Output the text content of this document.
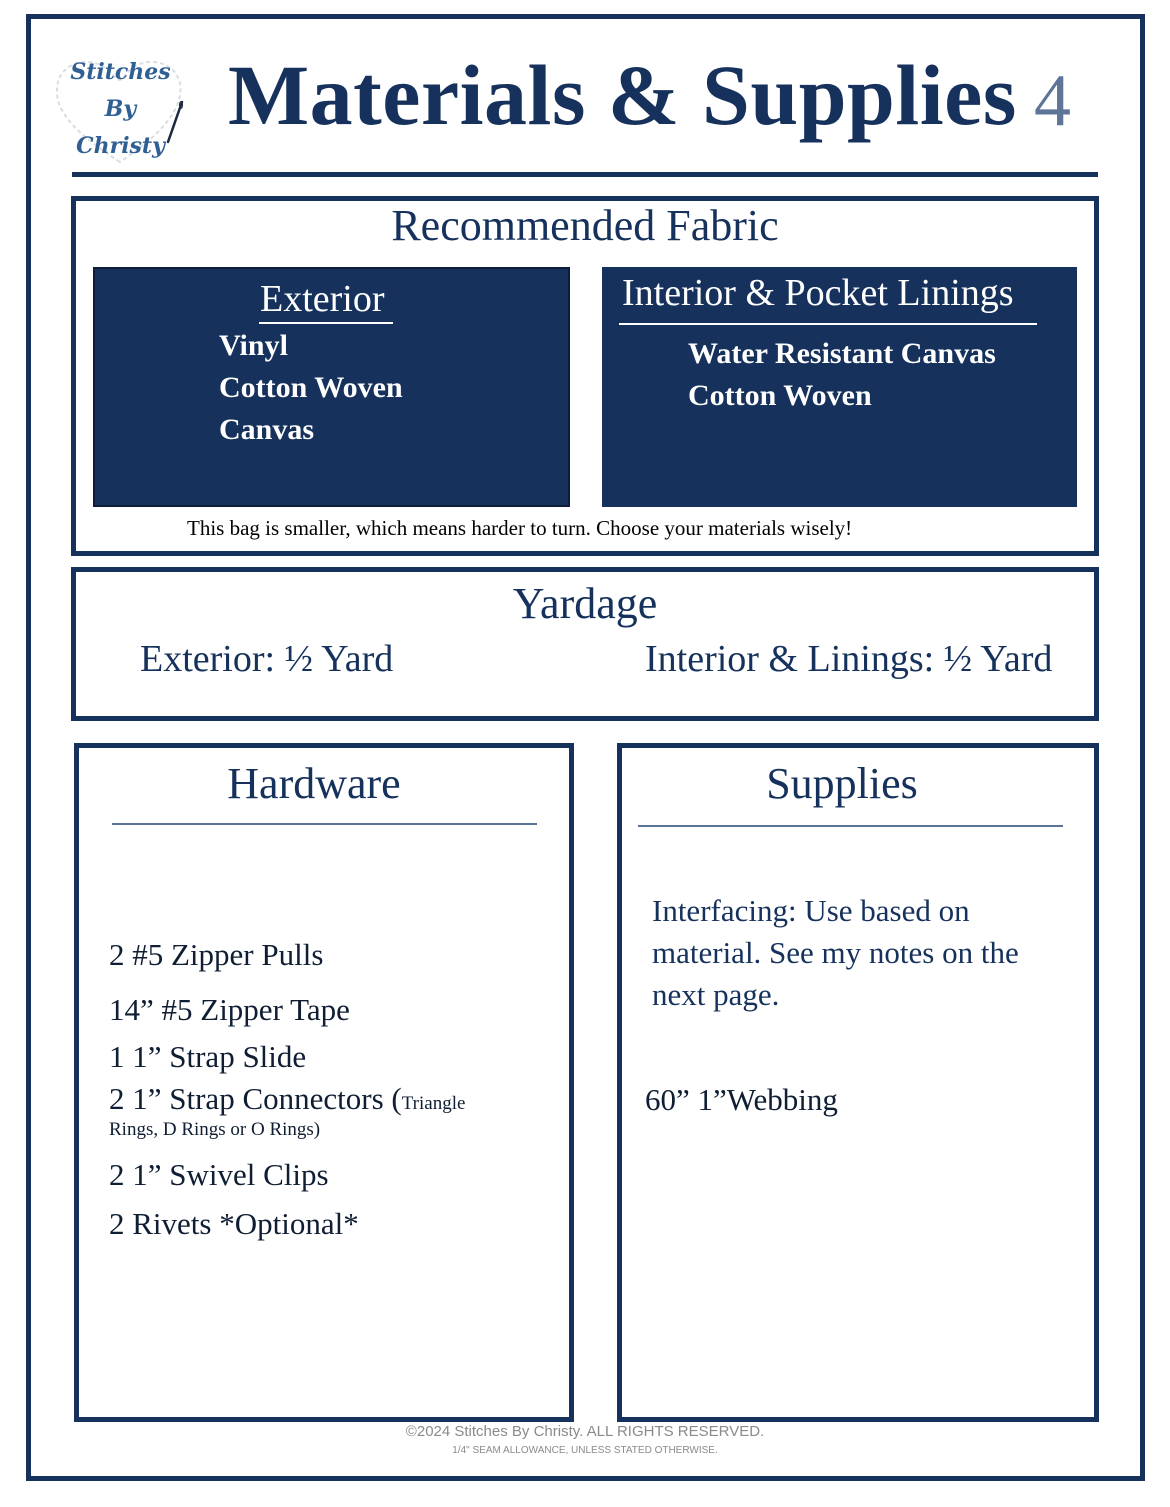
Stitches
By
Christy
Materials & Supplies 4
Recommended Fabric
Exterior
Vinyl
Cotton Woven
Canvas
Interior & Pocket Linings
Water Resistant Canvas
Cotton Woven
This bag is smaller, which means harder to turn. Choose your materials wisely!
Yardage
Exterior: ½ Yard	Interior & Linings: ½ Yard
Hardware
2 #5 Zipper Pulls
14” #5 Zipper Tape
1 1” Strap Slide
2 1” Strap Connectors (Triangle
Rings, D Rings or O Rings)
2 1” Swivel Clips
2 Rivets *Optional*
Supplies
Interfacing: Use based on material. See my notes on the next page.
60” 1”Webbing
©2024 Stitches By Christy. ALL RIGHTS RESERVED.
1/4" SEAM ALLOWANCE, UNLESS STATED OTHERWISE.
